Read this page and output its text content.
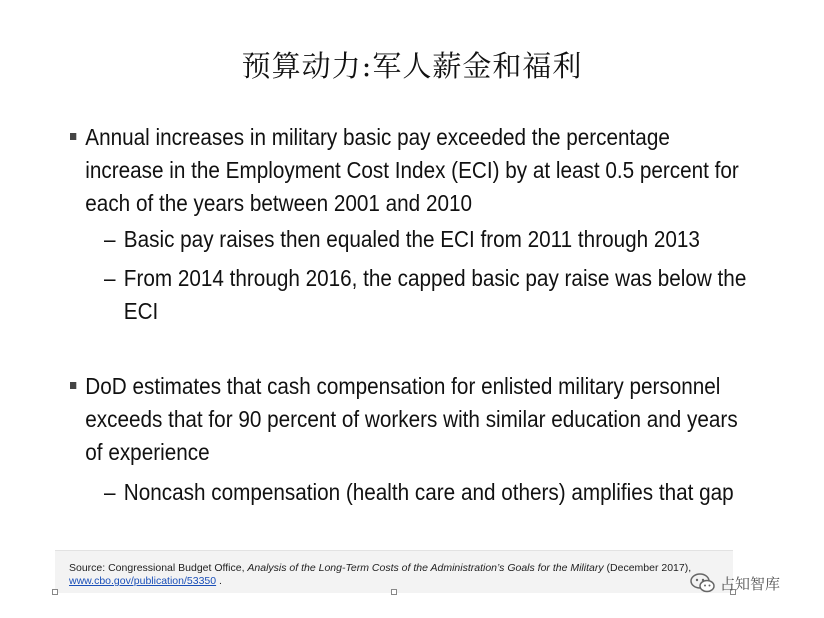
预算动力:军人薪金和福利
Annual increases in military basic pay exceeded the percentage
increase in the Employment Cost Index (ECI) by at least 0.5 percent for
each of the years between 2001 and 2010
– Basic pay raises then equaled the ECI from 2011 through 2013
– From 2014 through 2016, the capped basic pay raise was below the
ECI
DoD estimates that cash compensation for enlisted military personnel
exceeds that for 90 percent of workers with similar education and years
of experience
– Noncash compensation (health care and others) amplifies that gap
Source: Congressional Budget Office, Analysis of the Long-Term Costs of the Administration’s Goals for the Military (December 2017),
www.cbo.gov/publication/53350 .	占知智库
